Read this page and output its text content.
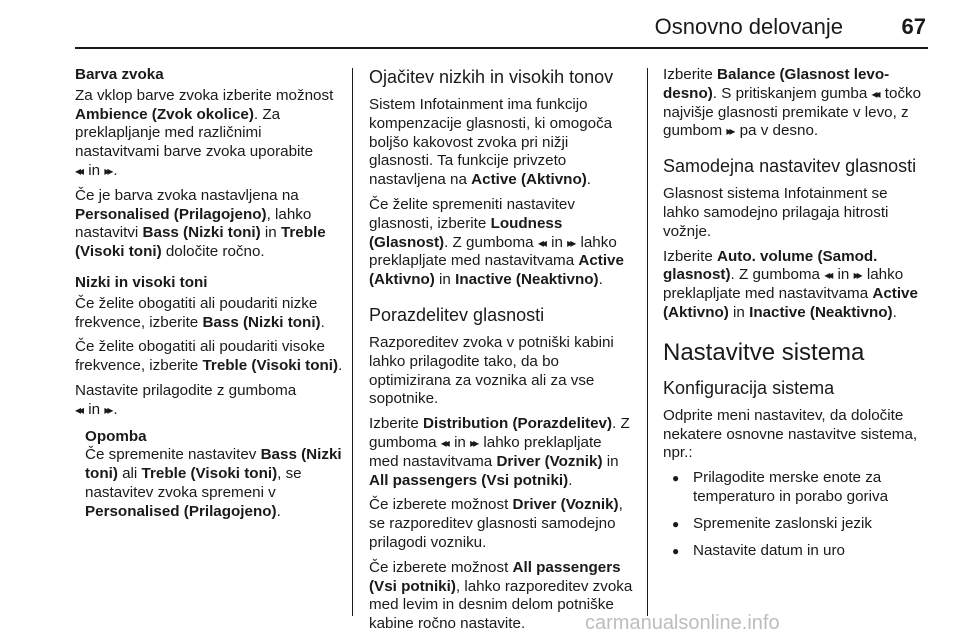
Osnovno delovanje	67
Barva zvoka

Za vklop barve zvoka izberite možnost Ambience (Zvok okolice). Za preklapljanje med različnimi nastavitvami barve zvoka uporabite
◂◂ in ▸▸ .

Če je barva zvoka nastavljena na Personalised (Prilagojeno), lahko nastavitvi Bass (Nizki toni) in Treble (Visoki toni) določite ročno.

Nizki in visoki toni

Če želite obogatiti ali poudariti nizke frekvence, izberite Bass (Nizki toni).

Če želite obogatiti ali poudariti visoke frekvence, izberite Treble (Visoki toni).

Nastavite prilagodite z gumboma
◂◂ in ▸▸ .

Opomba

Če spremenite nastavitev Bass (Nizki toni) ali Treble (Visoki toni), se nastavitev zvoka spremeni v Personalised (Prilagojeno).

Ojačitev nizkih in visokih tonov

Sistem Infotainment ima funkcijo kompenzacije glasnosti, ki omogoča boljšo kakovost zvoka pri nižji glasnosti. Ta funkcije privzeto nastavljena na Active (Aktivno).

Če želite spremeniti nastavitev glasnosti, izberite Loudness (Glasnost). Z gumboma ◂◂ in ▸▸ lahko preklapljate med nastavitvama Active (Aktivno) in Inactive (Neaktivno).

Porazdelitev glasnosti

Razporeditev zvoka v potniški kabini lahko prilagodite tako, da bo optimizirana za voznika ali za vse sopotnike.

Izberite Distribution (Porazdelitev). Z gumboma ◂◂ in ▸▸ lahko preklapljate med nastavitvama Driver (Voznik) in All passengers (Vsi potniki).

Če izberete možnost Driver (Voznik), se razporeditev glasnosti samodejno prilagodi vozniku.

Če izberete možnost All passengers (Vsi potniki), lahko razporeditev zvoka med levim in desnim delom potniške kabine ročno nastavite.

Izberite Balance (Glasnost levo-desno). S pritiskanjem gumba ◂◂ točko najvišje glasnosti premikate v levo, z gumbom ▸▸ pa v desno.

Samodejna nastavitev glasnosti

Glasnost sistema Infotainment se lahko samodejno prilagaja hitrosti vožnje.

Izberite Auto. volume (Samod. glasnost). Z gumboma ◂◂ in ▸▸ lahko preklapljate med nastavitvama Active (Aktivno) in Inactive (Neaktivno).

Nastavitve sistema
Konfiguracija sistema

Odprite meni nastavitev, da določite nekatere osnovne nastavitve sistema, npr.:

● Prilagodite merske enote za temperaturo in porabo goriva
● Spremenite zaslonski jezik
● Nastavite datum in uro
carmanualsonline.info
